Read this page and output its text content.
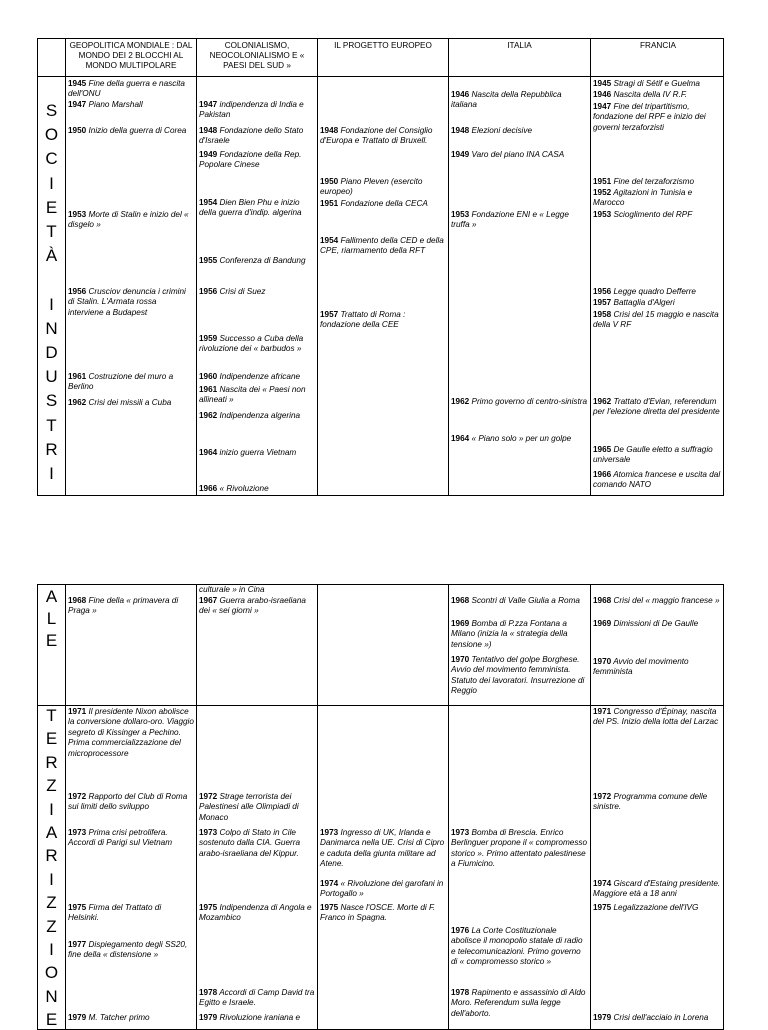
GEOPOLITICA MONDIALE : DAL MONDO DEI 2 BLOCCHI AL MONDO MULTIPOLARE
COLONIALISMO, NEOCOLONIALISMO E « PAESI DEL SUD »
IL PROGETTO EUROPEO	ITALIA	FRANCIA
S
O
C
I
E
T
À
I
N
D
U
S
T
R
I
1945 Fine della guerra e nascita dell'ONU
1947 Piano Marshall
1950 Inizio della guerra di Corea
1953 Morte di Stalin e inizio del « disgelo »
1956 Crusciov denuncia i crimini di Stalin. L'Armata rossa interviene a Budapest
1961 Costruzione del muro a Berlino
1962 Crisi dei missili a Cuba
1947 indipendenza di India e Pakistan
1948 Fondazione dello Stato d'Israele
1949 Fondazione della Rep. Popolare Cinese
1954 Dien Bien Phu e inizio della guerra d'indip. algerina
1955 Conferenza di Bandung
1956 Crisi di Suez
1959 Successo a Cuba della rivoluzione dei « barbudos »
1960 Indipendenze africane
1961 Nascita dei « Paesi non allineati »
1962 Indipendenza algerina
1964 inizio guerra Vietnam
1966 « Rivoluzione
1948 Fondazione del Consiglio d'Europa e Trattato di Bruxell.
1950 Piano Pleven (esercito europeo)
1951 Fondazione della CECA
1954 Fallimento della CED e della CPE, riarmamento della RFT
1957 Trattato di Roma : fondazione della CEE
1946 Nascita della Repubblica italiana
1948 Elezioni decisive
1949 Varo del piano INA CASA
1953 Fondazione ENI e « Legge truffa »
1962 Primo governo di centro-sinistra
1964 « Piano solo » per un golpe
1945 Stragi di Sétif e Guelma
1946 Nascita della IV R.F.
1947 Fine del tripartitismo, fondazione del RPF e inizio dei governi terzaforzisti
1951 Fine del terzaforzismo
1952 Agitazioni in Tunisia e Marocco
1953 Scioglimento del RPF
1956 Legge quadro Defferre
1957 Battaglia d'Algeri
1958 Crisi del 15 maggio e nascita della V RF
1962 Trattato d'Evian, referendum per l'elezione diretta del presidente
1965 De Gaulle eletto a suffragio universale
1966 Atomica francese e uscita dal comando NATO
culturale » in Cina
A
L
E
T
E
R
Z
I
A
R
I
Z
Z
I
O
N
E
1968 Fine della « primavera di Praga »
1967 Guerra arabo-israeliana dei « sei giorni »
1968 Scontri di Valle Giulia a Roma
1969 Bomba di P.zza Fontana a Milano (inizia la « strategia della tensione »)
1970 Tentativo del golpe Borghese. Avvio del movimento femminista. Statuto dei lavoratori. Insurrezione di Reggio
1968 Crisi del « maggio francese »
1969 Dimissioni di De Gaulle
1970 Avvio del movimento femminista
1971 Il presidente Nixon abolisce la conversione dollaro-oro. Viaggio segreto di Kissinger a Pechino. Prima commercializzazione del microprocessore
1972 Rapporto del Club di Roma sui limiti dello sviluppo
1973 Prima crisi petrolifera. Accordi di Parigi sul Vietnam
1975 Firma del Trattato di Helsinki.
1977 Dispiegamento degli SS20, fine della « distensione »
1979 M. Tatcher primo
1972 Strage terrorista dei Palestinesi alle Olimpiadi di Monaco
1973 Colpo di Stato in Cile sostenuto dalla CIA. Guerra arabo-israeliana del Kippur.
1975 Indipendenza di Angola e Mozambico
1978 Accordi di Camp David tra Egitto e Israele.
1979 Rivoluzione iraniana e
1973 Ingresso di UK, Irlanda e Danimarca nella UE. Crisi di Cipro e caduta della giunta militare ad Atene.
1974 « Rivoluzione dei garofani in Portogallo »
1975 Nasce l'OSCE. Morte di F. Franco in Spagna.
1973 Bomba di Brescia. Enrico Berlinguer propone il « compromesso storico ». Primo attentato palestinese a Fiumicino.
1976 La Corte Costituzionale abolisce il monopolio statale di radio e telecomunicazioni. Primo governo di « compromesso storico »
1978 Rapimento e assassinio di Aldo Moro. Referendum sulla legge dell'aborto.
1971 Congresso d'Épinay, nascita del PS. Inizio della lotta del Larzac
1972 Programma comune delle sinistre.
1974 Giscard d'Estaing presidente. Maggiore età a 18 anni
1975 Legalizzazione dell'IVG
1979 Crisi dell'acciaio in Lorena
